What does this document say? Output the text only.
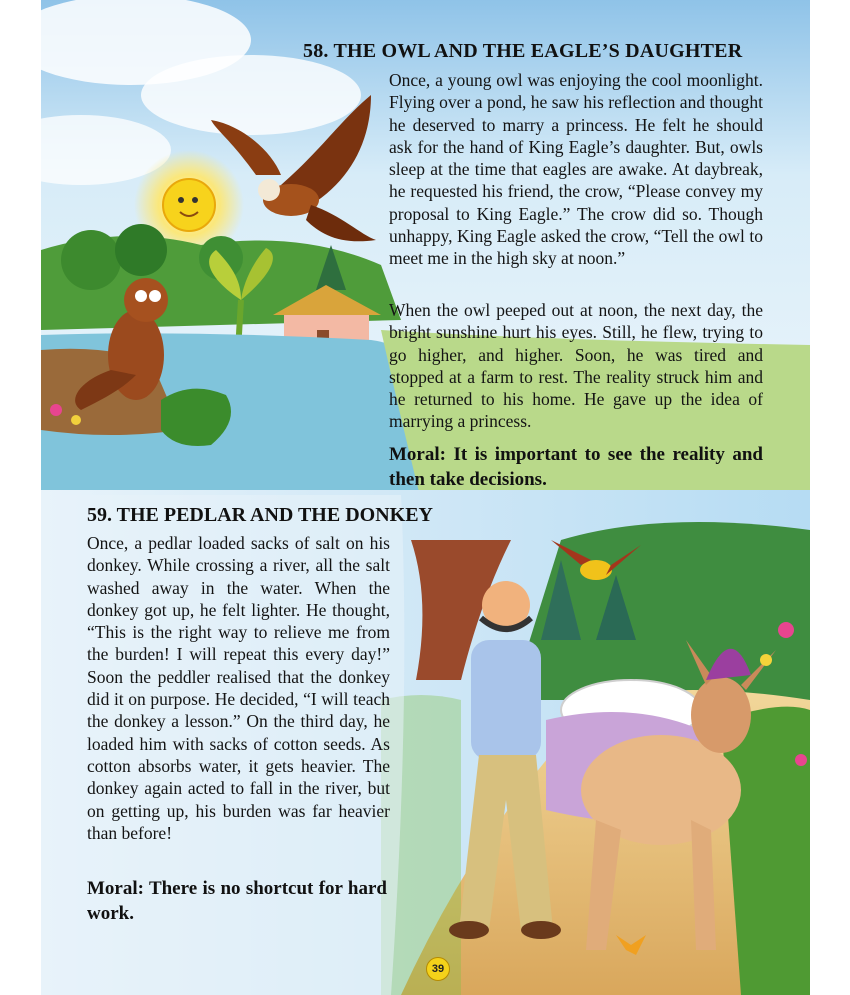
58. THE OWL AND THE EAGLE’S DAUGHTER
Once, a young owl was enjoying the cool moonlight. Flying over a pond, he saw his reflection and thought he deserved to marry a princess. He felt he should ask for the hand of King Eagle’s daughter. But, owls sleep at the time that eagles are awake. At daybreak, he requested his friend, the crow, “Please convey my proposal to King Eagle.” The crow did so. Though unhappy, King Eagle asked the crow, “Tell the owl to meet me in the high sky at noon.”
When the owl peeped out at noon, the next day, the bright sunshine hurt his eyes. Still, he flew, trying to go higher, and higher. Soon, he was tired and stopped at a farm to rest. The reality struck him and he returned to his home. He gave up the idea of marrying a princess.
Moral: It is important to see the reality and then take decisions.
59. THE PEDLAR AND THE DONKEY
Once, a pedlar loaded sacks of salt on his donkey. While crossing a river, all the salt washed away in the water. When the donkey got up, he felt lighter. He thought, “This is the right way to relieve me from the burden! I will repeat this every day!” Soon the peddler realised that the donkey did it on purpose. He decided, “I will teach the donkey a lesson.” On the third day, he loaded him with sacks of cotton seeds. As cotton absorbs water, it gets heavier. The donkey again acted to fall in the river, but on getting up, his burden was far heavier than before!
Moral: There is no shortcut for hard work.
39
